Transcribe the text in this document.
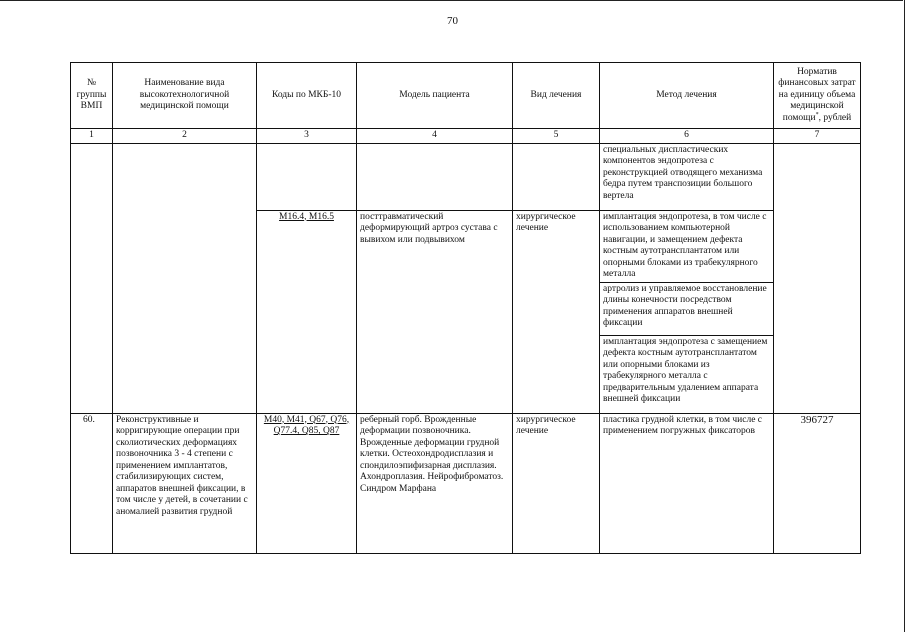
70
№ группы ВМП	Наименование вида высокотехнологичной медицинской помощи	Коды по МКБ-10	Модель пациента	Вид лечения	Метод лечения	Норматив финансовых затрат на единицу объема медицинской помощи*, рублей
1	2	3	4	5	6	7
					специальных диспластических компонентов эндопротеза с реконструкцией отводящего механизма бедра путем транспозиции большого вертела	
		M16.4, M16.5	посттравматический деформирующий артроз сустава с вывихом или подвывихом	хирургическое лечение	имплантация эндопротеза, в том числе с использованием компьютерной навигации, и замещением дефекта костным аутотрансплантатом или опорными блоками из трабекулярного металла	
					артролиз и управляемое восстановление длины конечности посредством применения аппаратов внешней фиксации	
					имплантация эндопротеза с замещением дефекта костным аутотрансплантатом или опорными блоками из трабекулярного металла с предварительным удалением аппарата внешней фиксации	
60.	Реконструктивные и корригирующие операции при сколиотических деформациях позвоночника 3 - 4 степени с применением имплантатов, стабилизирующих систем, аппаратов внешней фиксации, в том числе у детей, в сочетании с аномалией развития грудной	M40, M41, Q67, Q76, Q77.4, Q85, Q87	реберный горб. Врожденные деформации позвоночника. Врожденные деформации грудной клетки. Остеохондродисплазия и спондилоэпифизарная дисплазия. Ахондроплазия. Нейрофиброматоз. Синдром Марфана	хирургическое лечение	пластика грудной клетки, в том числе с применением погружных фиксаторов	396727
